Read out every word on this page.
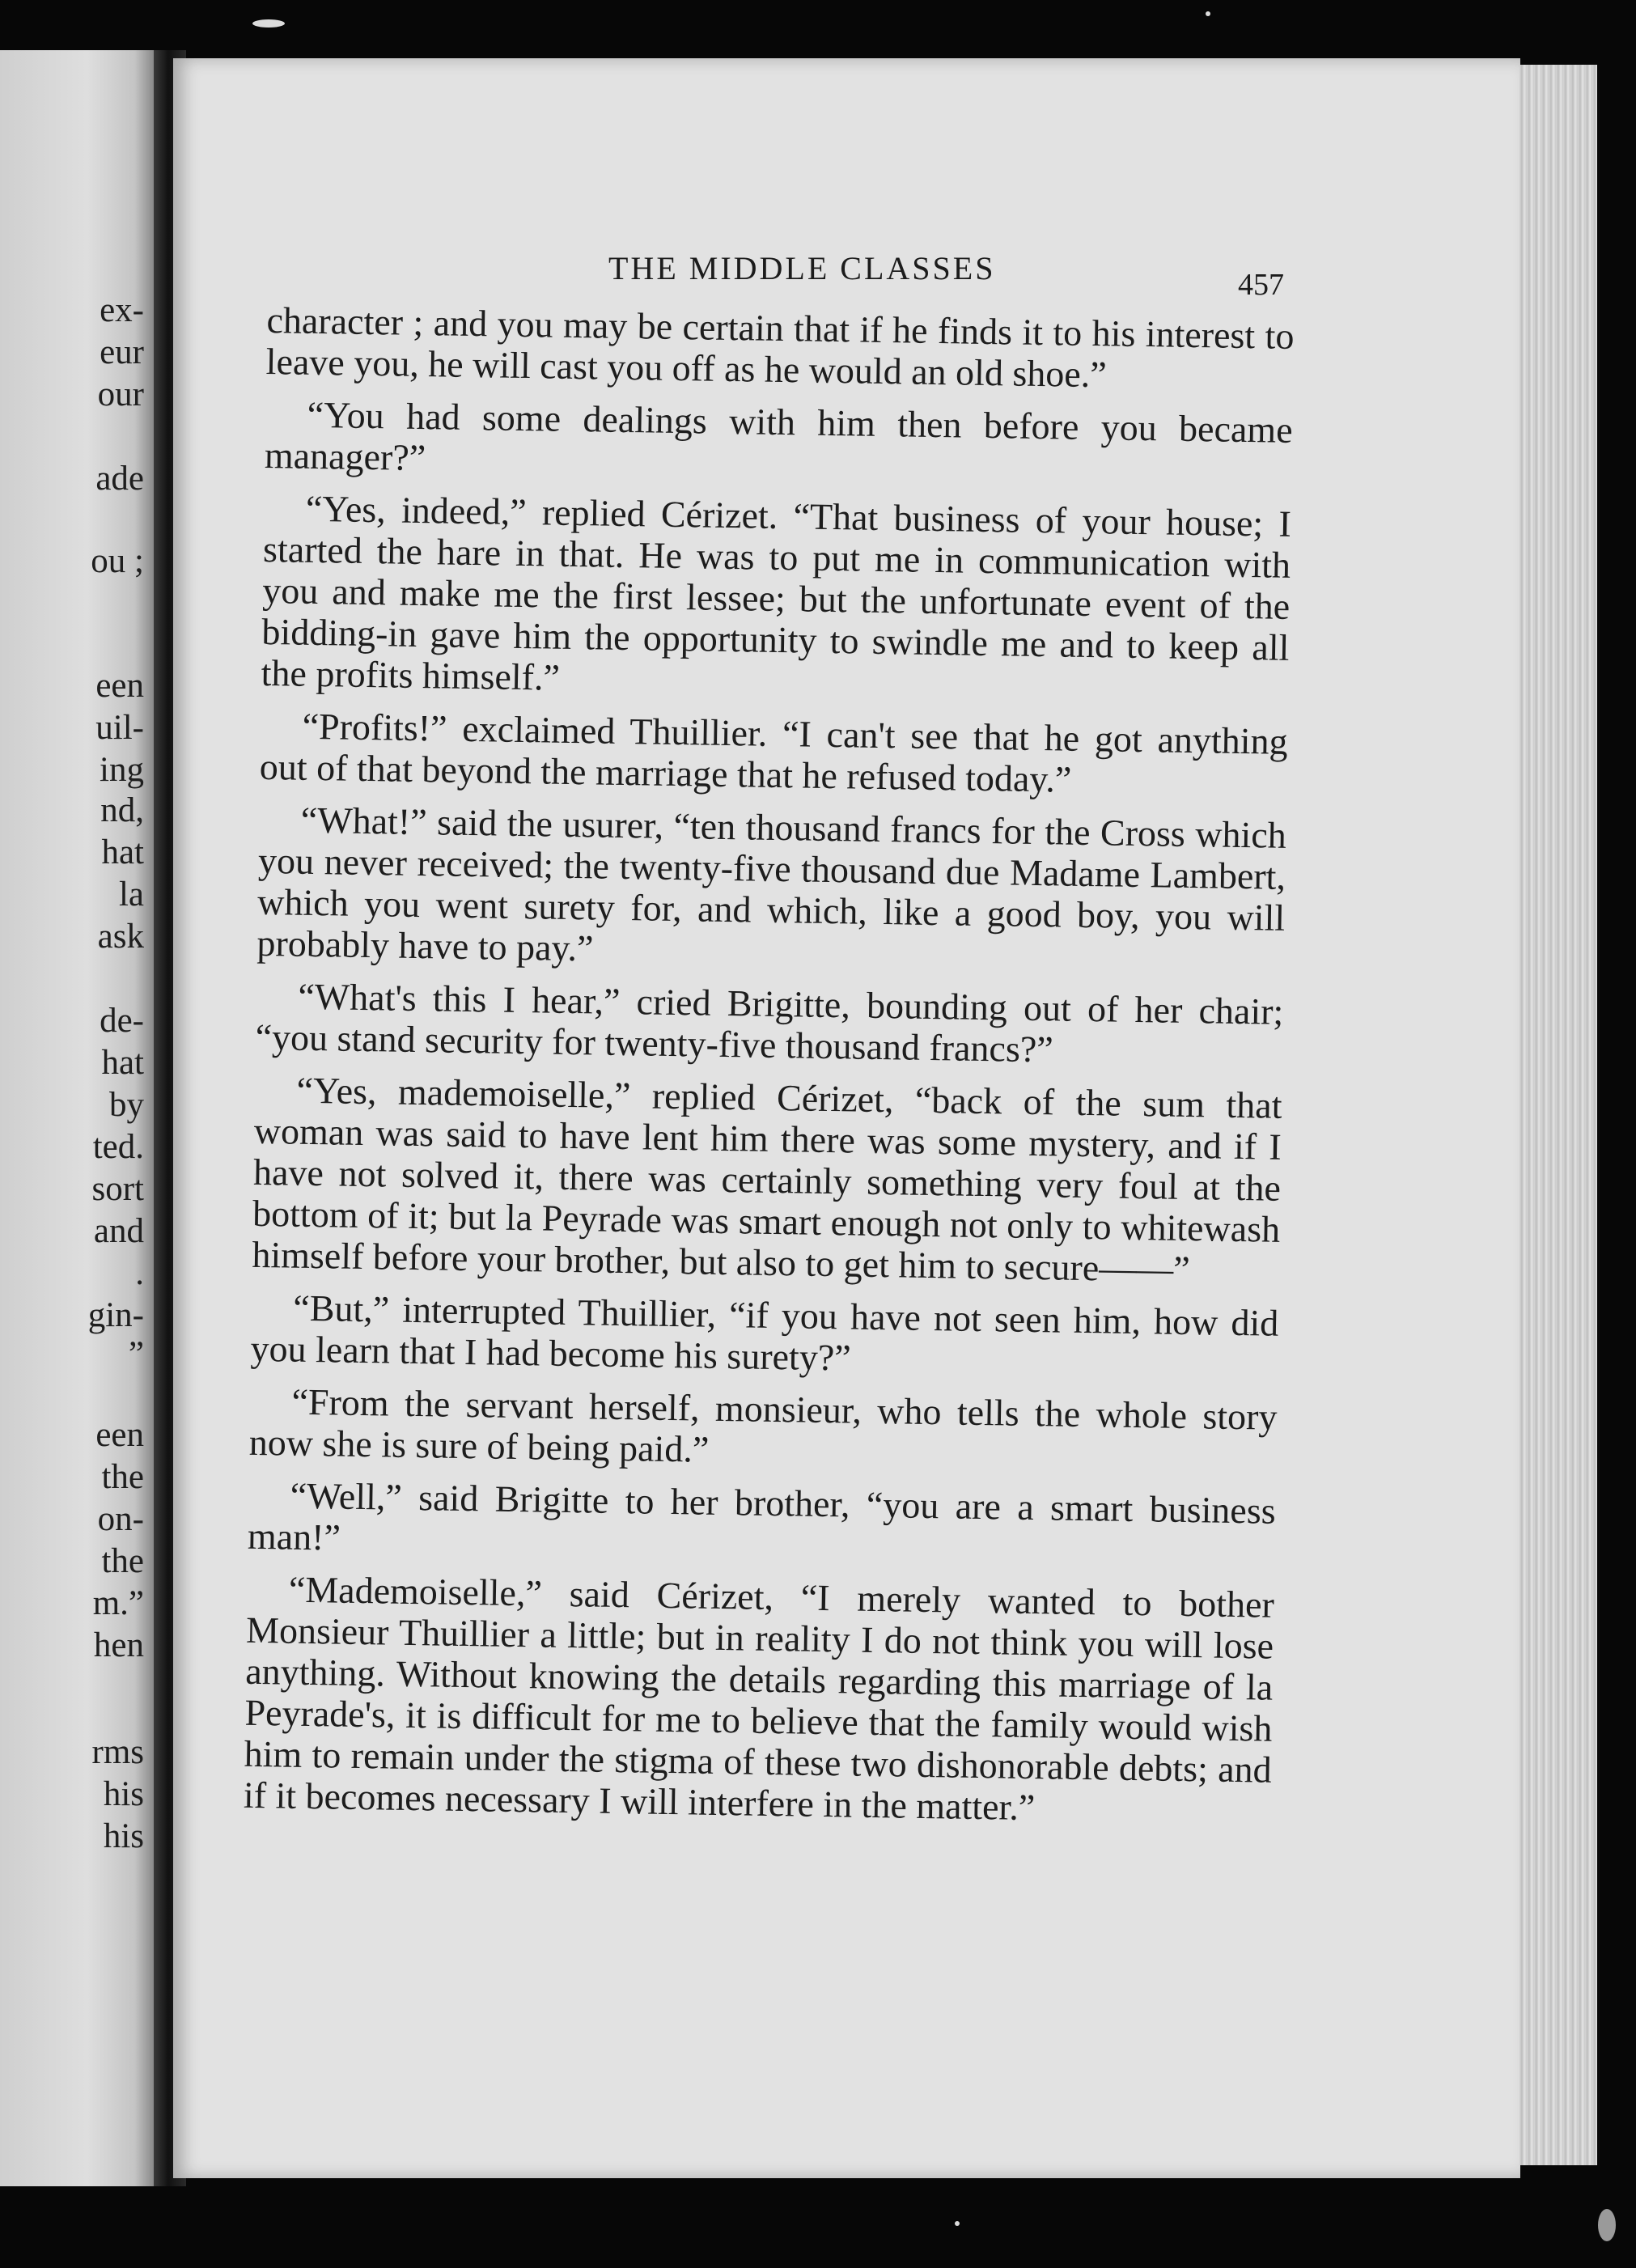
ex-
eur
our
ade
ou ;
een
uil-
ing
nd,
hat
la
ask
de-
hat
by
ted.
sort
and
.
gin-
”
een
the
on-
the
m.”
hen
rms
his
his
THE MIDDLE CLASSES	457

character ; and you may be certain that if he finds it to his interest to leave you, he will cast you off as he would an old shoe.”

“You had some dealings with him then before you became manager?”

“Yes, indeed,” replied Cérizet. “That business of your house; I started the hare in that. He was to put me in communication with you and make me the first lessee; but the unfortunate event of the bidding-in gave him the opportunity to swindle me and to keep all the profits himself.”

“Profits!” exclaimed Thuillier. “I can't see that he got anything out of that beyond the marriage that he refused today.”

“What!” said the usurer, “ten thousand francs for the Cross which you never received; the twenty-five thousand due Madame Lambert, which you went surety for, and which, like a good boy, you will probably have to pay.”

“What's this I hear,” cried Brigitte, bounding out of her chair; “you stand security for twenty-five thousand francs?”

“Yes, mademoiselle,” replied Cérizet, “back of the sum that woman was said to have lent him there was some mystery, and if I have not solved it, there was certainly something very foul at the bottom of it; but la Peyrade was smart enough not only to whitewash himself before your brother, but also to get him to secure——”

“But,” interrupted Thuillier, “if you have not seen him, how did you learn that I had become his surety?”

“From the servant herself, monsieur, who tells the whole story now she is sure of being paid.”

“Well,” said Brigitte to her brother, “you are a smart business man!”

“Mademoiselle,” said Cérizet, “I merely wanted to bother Monsieur Thuillier a little; but in reality I do not think you will lose anything. Without knowing the details regarding this marriage of la Peyrade's, it is difficult for me to believe that the family would wish him to remain under the stigma of these two dishonorable debts; and if it becomes necessary I will interfere in the matter.”
